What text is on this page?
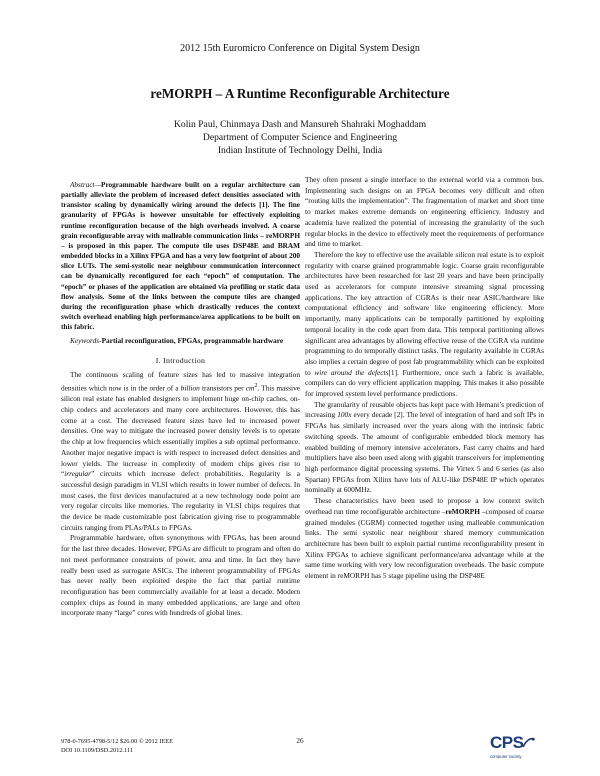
2012 15th Euromicro Conference on Digital System Design
reMORPH – A Runtime Reconfigurable Architecture
Kolin Paul, Chinmaya Dash and Mansureh Shahraki Moghaddam
Department of Computer Science and Engineering
Indian Institute of Technology Delhi, India

Abstract—Programmable hardware built on a regular architecture can partially alleviate the problem of increased defect densities associated with transistor scaling by dynamically wiring around the defects [1]. The fine granularity of FPGAs is however unsuitable for effectively exploiting runtime reconfiguration because of the high overheads involved. A coarse grain reconfigurable array with malleable communication links – reMORPH – is proposed in this paper. The compute tile uses DSP48E and BRAM embedded blocks in a Xilinx FPGA and has a very low footprint of about 200 slice LUTs. The semi-systolic near neighbour communication interconnect can be dynamically reconfigured for each “epoch” of computation. The “epoch” or phases of the application are obtained via profiling or static data flow analysis. Some of the links between the compute tiles are changed during the reconfiguration phase which drastically reduces the context switch overhead enabling high performance/area applications to be built on this fabric.

Keywords-Partial reconfiguration, FPGAs, programmable hardware

I. Introduction

The continuous scaling of feature sizes has led to massive integration densities which now is in the order of a billion transistors per $cm^2$. This massive silicon real estate has enabled designers to implement huge on-chip caches, on-chip codecs and accelerators and many core architectures. However, this has come at a cost. The decreased feature sizes have led to increased power densities. One way to mitigate the increased power density levels is to operate the chip at low frequencies which essentially implies a sub optimal performance. Another major negative impact is with respect to increased defect densities and lower yields. The increase in complexity of modern chips gives rise to “irregular” circuits which increase defect probabilities. Regularity is a successful design paradigm in VLSI which results in lower number of defects. In most cases, the first devices manufactured at a new technology node point are very regular circuits like memories. The regularity in VLSI chips requires that the device be made customizable post fabrication giving rise to programmable circuits ranging from PLAs/PALs to FPGAs.

Programmable hardware, often synonymous with FPGAs, has been around for the last three decades. However, FPGAs are difficult to program and often do not meet performance constraints of power, area and time. In fact they have really been used as surrogate ASICs. The inherent programmability of FPGAs has never really been exploited despite the fact that partial runtime reconfiguration has been commercially available for at least a decade. Modern complex chips as found in many embedded applications, are large and often incorporate many “large” cores with hundreds of global lines.

They often present a single interface to the external world via a common bus. Implementing such designs on an FPGA becomes very difficult and often “routing kills the implementation”. The fragmentation of market and short time to market makes extreme demands on engineering efficiency. Industry and academia have realized the potential of increasing the granularity of the such regular blocks in the device to effectively meet the requirements of performance and time to market.

Therefore the key to effective use the available silicon real estate is to exploit regularity with coarse grained programmable logic. Coarse grain reconfigurable architectures have been researched for last 20 years and have been principally used as accelerators for compute intensive streaming signal processing applications. The key attraction of CGRAs is their near ASIC/hardware like computational efficiency and software like engineering efficiency. More importantly, many applications can be temporally partitioned by exploiting temporal locality in the code apart from data. This temporal partitioning allows significant area advantages by allowing effective reuse of the CGRA via runtime programming to do temporally distinct tasks. The regularity available in CGRAs also implies a certain degree of post fab programmability which can be exploited to wire around the defects[1]. Furthermore, once such a fabric is available, compilers can do very efficient application mapping. This makes it also possible for improved system level performance predictions.

The granularity of reusable objects has kept pace with Hemani’s prediction of increasing 100x every decade [2]. The level of integration of hard and soft IPs in FPGAs has similarly increased over the years along with the intrinsic fabric switching speeds. The amount of configurable embedded block memory has enabled building of memory intensive accelerators. Fast carry chains and hard multipliers have also been used along with gigabit transceivers for implementing high performance digital processing systems. The Virtex 5 and 6 series (as also Spartan) FPGAs from Xilinx have lots of ALU-like DSP48E IP which operates nominally at 600MHz.

These characteristics have been used to propose a low context switch overhead run time reconfigurable architecture –reMORPH –composed of coarse grained modules (CGRM) connected together using malleable communication links. The semi systolic near neighbour shared memory communication architecture has been built to exploit partial runtime reconfigurability present in Xilinx FPGAs to achieve significant performance/area advantage while at the same time working with very low reconfiguration overheads. The basic compute element in reMORPH has 5 stage pipeline using the DSP48E

978-0-7695-4798-5/12 $26.00 © 2012 IEEE
DOI 10.1109/DSD.2012.111
26	CPS
computer society
